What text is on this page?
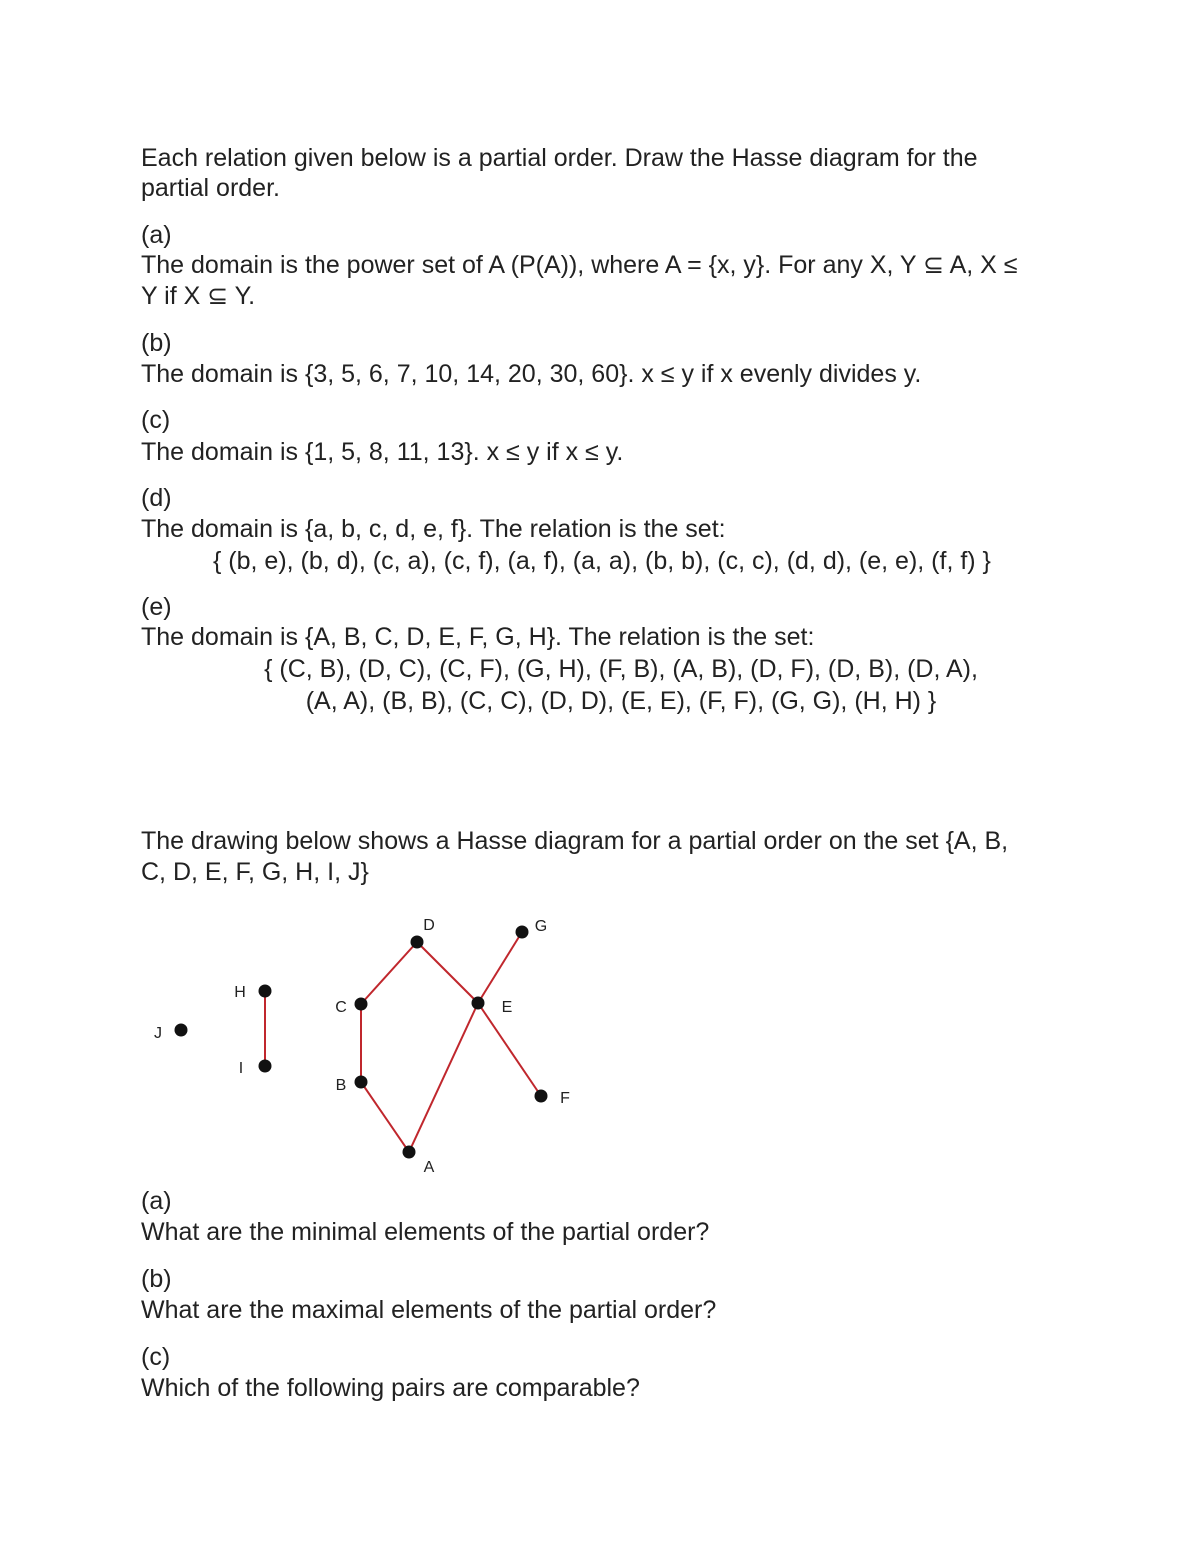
Each relation given below is a partial order. Draw the Hasse diagram for the
partial order.
(a)
The domain is the power set of A (P(A)), where A = {x, y}. For any X, Y ⊆ A, X ≤
Y if X ⊆ Y.
(b)
The domain is {3, 5, 6, 7, 10, 14, 20, 30, 60}. x ≤ y if x evenly divides y.
(c)
The domain is {1, 5, 8, 11, 13}. x ≤ y if x ≤ y.
(d)
The domain is {a, b, c, d, e, f}. The relation is the set:
{ (b, e), (b, d), (c, a), (c, f), (a, f), (a, a), (b, b), (c, c), (d, d), (e, e), (f, f) }
(e)
The domain is {A, B, C, D, E, F, G, H}. The relation is the set:
{ (C, B), (D, C), (C, F), (G, H), (F, B), (A, B), (D, F), (D, B), (D, A),
(A, A), (B, B), (C, C), (D, D), (E, E), (F, F), (G, G), (H, H) }
The drawing below shows a Hasse diagram for a partial order on the set {A, B,
C, D, E, F, G, H, I, J}
A
B
C
D
E
F
G
H
I
J
(a)
What are the minimal elements of the partial order?
(b)
What are the maximal elements of the partial order?
(c)
Which of the following pairs are comparable?
